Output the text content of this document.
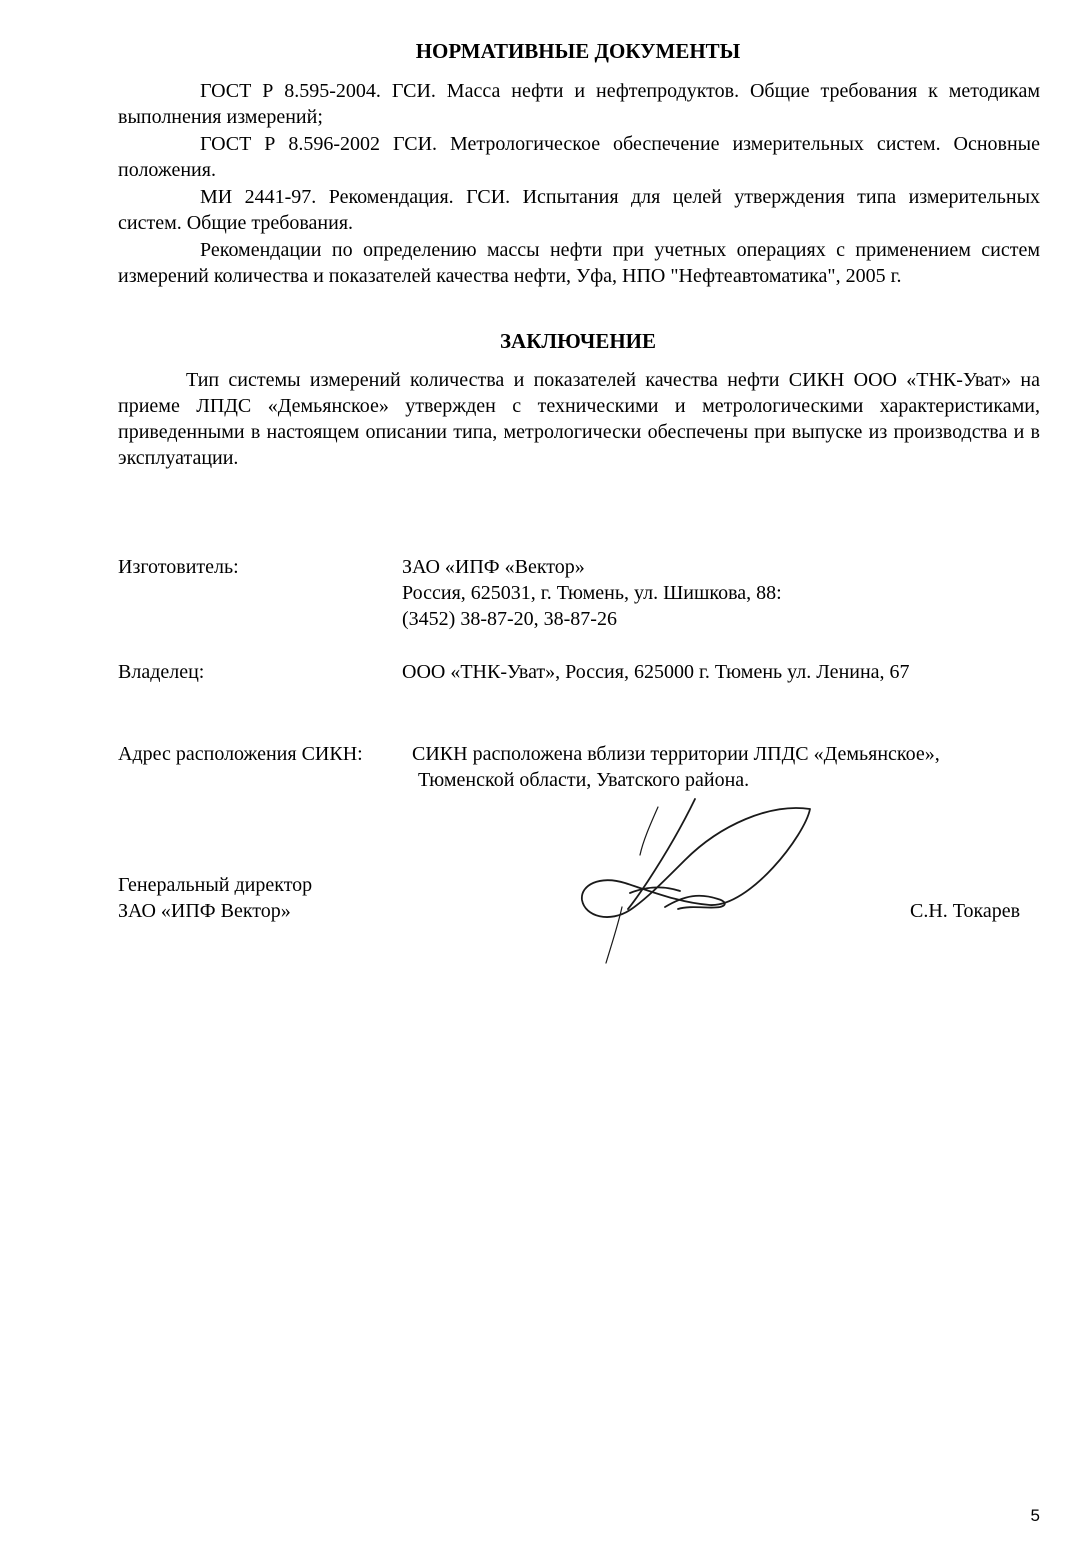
НОРМАТИВНЫЕ ДОКУМЕНТЫ
ГОСТ Р 8.595-2004. ГСИ. Масса нефти и нефтепродуктов. Общие требования к методикам выполнения измерений;
ГОСТ Р 8.596-2002 ГСИ. Метрологическое обеспечение измерительных систем. Основные положения.
МИ 2441-97. Рекомендация. ГСИ. Испытания для целей утверждения типа измерительных систем. Общие требования.
Рекомендации по определению массы нефти при учетных операциях с применением систем измерений количества и показателей качества нефти, Уфа, НПО "Нефтеавтоматика", 2005 г.
ЗАКЛЮЧЕНИЕ
Тип системы измерений количества и показателей качества нефти СИКН ООО «ТНК-Уват» на приеме ЛПДС «Демьянское» утвержден с техническими и метрологическими характеристиками, приведенными в настоящем описании типа, метрологически обеспечены при выпуске из производства и в эксплуатации.
Изготовитель:	ЗАО «ИПФ «Вектор»
Россия, 625031, г. Тюмень, ул. Шишкова, 88:
(3452) 38-87-20, 38-87-26
Владелец:	ООО «ТНК-Уват», Россия, 625000 г. Тюмень ул. Ленина, 67
Адрес расположения СИКН: СИКН расположена вблизи территории ЛПДС «Демьянское»,
Тюменской области, Уватского района.
Генеральный директор
ЗАО «ИПФ Вектор»	С.Н. Токарев
5
